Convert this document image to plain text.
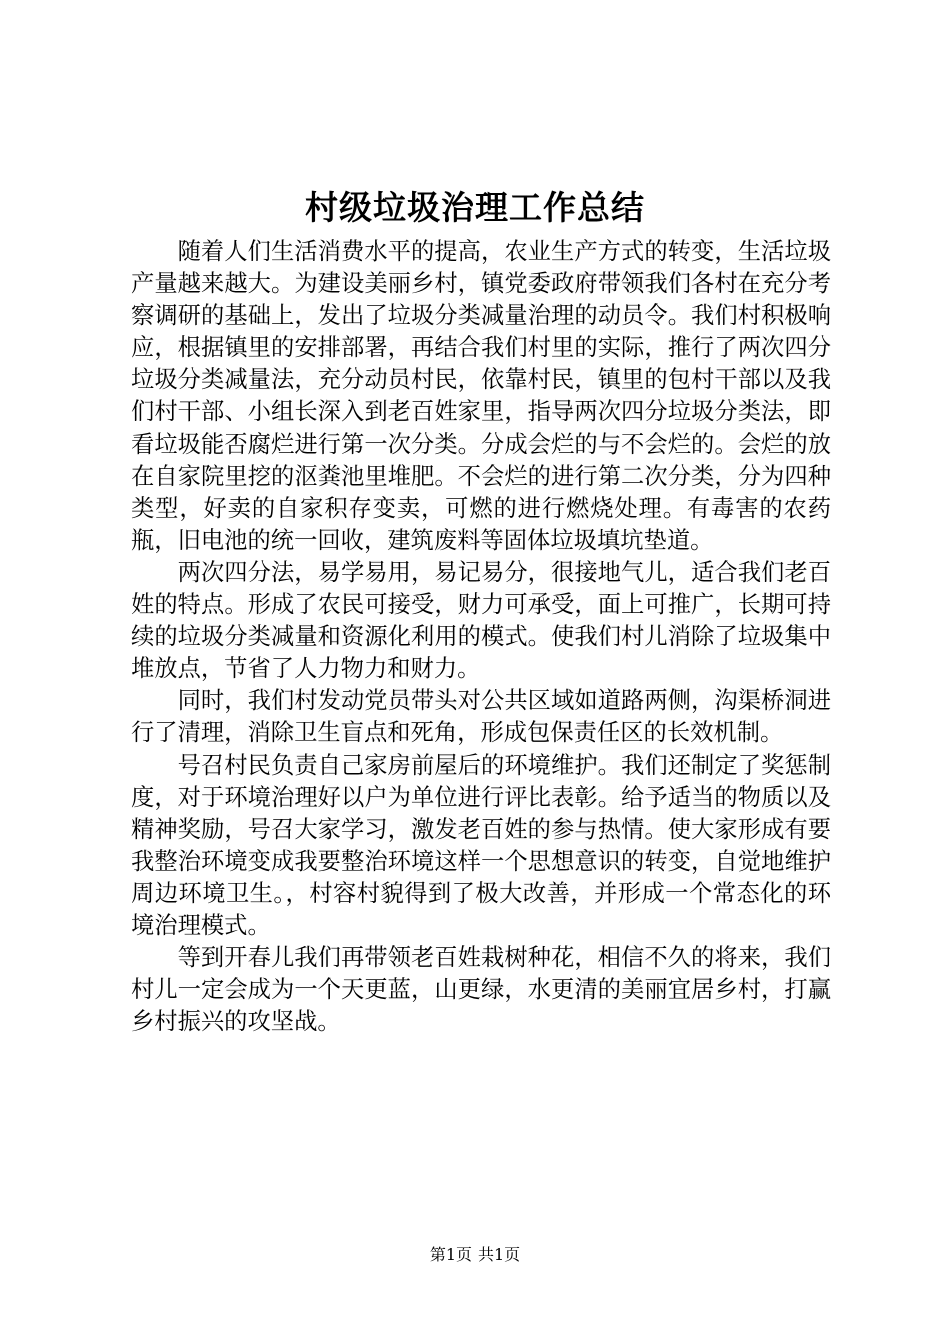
村级垃圾治理工作总结

随着人们生活消费水平的提高，农业生产方式的转变，生活垃圾产量越来越大。为建设美丽乡村，镇党委政府带领我们各村在充分考察调研的基础上，发出了垃圾分类减量治理的动员令。我们村积极响应，根据镇里的安排部署，再结合我们村里的实际，推行了两次四分垃圾分类减量法，充分动员村民，依靠村民，镇里的包村干部以及我们村干部、小组长深入到老百姓家里，指导两次四分垃圾分类法，即看垃圾能否腐烂进行第一次分类。分成会烂的与不会烂的。会烂的放在自家院里挖的沤粪池里堆肥。不会烂的进行第二次分类，分为四种类型，好卖的自家积存变卖，可燃的进行燃烧处理。有毒害的农药瓶，旧电池的统一回收，建筑废料等固体垃圾填坑垫道。

两次四分法，易学易用，易记易分，很接地气儿，适合我们老百姓的特点。形成了农民可接受，财力可承受，面上可推广，长期可持续的垃圾分类减量和资源化利用的模式。使我们村儿消除了垃圾集中堆放点，节省了人力物力和财力。

同时，我们村发动党员带头对公共区域如道路两侧，沟渠桥洞进行了清理，消除卫生盲点和死角，形成包保责任区的长效机制。

号召村民负责自己家房前屋后的环境维护。我们还制定了奖惩制度，对于环境治理好以户为单位进行评比表彰。给予适当的物质以及精神奖励，号召大家学习，激发老百姓的参与热情。使大家形成有要我整治环境变成我要整治环境这样一个思想意识的转变，自觉地维护周边环境卫生。，村容村貌得到了极大改善，并形成一个常态化的环境治理模式。

等到开春儿我们再带领老百姓栽树种花，相信不久的将来，我们村儿一定会成为一个天更蓝，山更绿，水更清的美丽宜居乡村，打赢乡村振兴的攻坚战。

第1页 共1页
